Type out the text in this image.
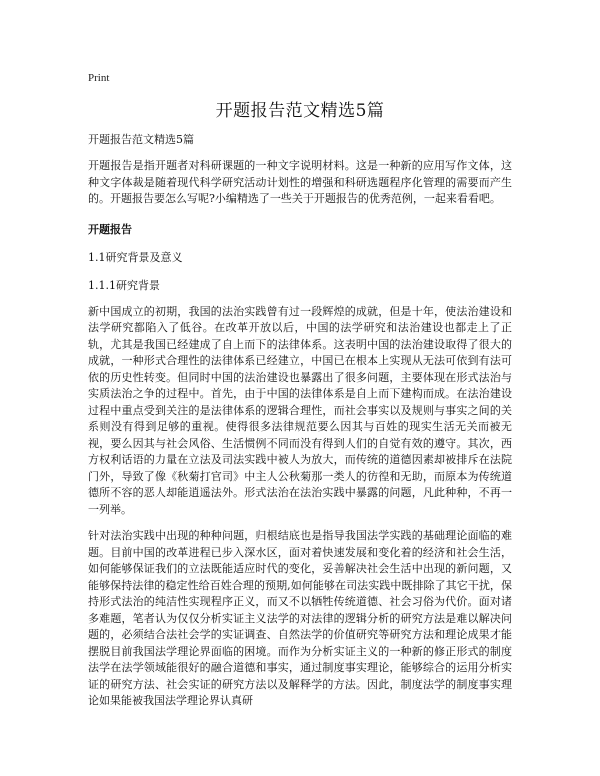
Print

开题报告范文精选5篇

开题报告范文精选5篇

开题报告是指开题者对科研课题的一种文字说明材料。这是一种新的应用写作文体，这种文字体裁是随着现代科学研究活动计划性的增强和科研选题程序化管理的需要而产生的。开题报告要怎么写呢?小编精选了一些关于开题报告的优秀范例，一起来看看吧。

开题报告

1.1研究背景及意义

1.1.1研究背景

新中国成立的初期，我国的法治实践曾有过一段辉煌的成就，但是十年，使法治建设和法学研究都陷入了低谷。在改革开放以后，中国的法学研究和法治建设也都走上了正轨，尤其是我国已经建成了自上而下的法律体系。这表明中国的法治建设取得了很大的成就，一种形式合理性的法律体系已经建立，中国已在根本上实现从无法可依到有法可依的历史性转变。但同时中国的法治建设也暴露出了很多问题，主要体现在形式法治与实质法治之争的过程中。首先，由于中国的法律体系是自上而下建构而成。在法治建设过程中重点受到关注的是法律体系的逻辑合理性，而社会事实以及规则与事实之间的关系则没有得到足够的重视。使得很多法律规范要么因其与百姓的现实生活无关而被无视，要么因其与社会风俗、生活惯例不同而没有得到人们的自觉有效的遵守。其次，西方权利话语的力量在立法及司法实践中被人为放大，而传统的道德因素却被排斥在法院门外，导致了像《秋菊打官司》中主人公秋菊那一类人的彷徨和无助，而原本为传统道德所不容的恶人却能逍遥法外。形式法治在法治实践中暴露的问题，凡此种种，不再一一列举。

针对法治实践中出现的种种问题，归根结底也是指导我国法学实践的基础理论面临的难题。目前中国的改革进程已步入深水区，面对着快速发展和变化着的经济和社会生活，如何能够保证我们的立法既能适应时代的变化，妥善解决社会生活中出现的新问题，又能够保持法律的稳定性给百姓合理的预期,如何能够在司法实践中既排除了其它干扰，保持形式法治的纯洁性实现程序正义，而又不以牺牲传统道德、社会习俗为代价。面对诸多难题，笔者认为仅仅分析实证主义法学的对法律的逻辑分析的研究方法是难以解决问题的，必须结合法社会学的实证调查、自然法学的价值研究等研究方法和理论成果才能摆脱目前我国法学理论界面临的困境。而作为分析实证主义的一种新的修正形式的制度法学在法学领域能很好的融合道德和事实，通过制度事实理论，能够综合的运用分析实证的研究方法、社会实证的研究方法以及解释学的方法。因此，制度法学的制度事实理论如果能被我国法学理论界认真研
